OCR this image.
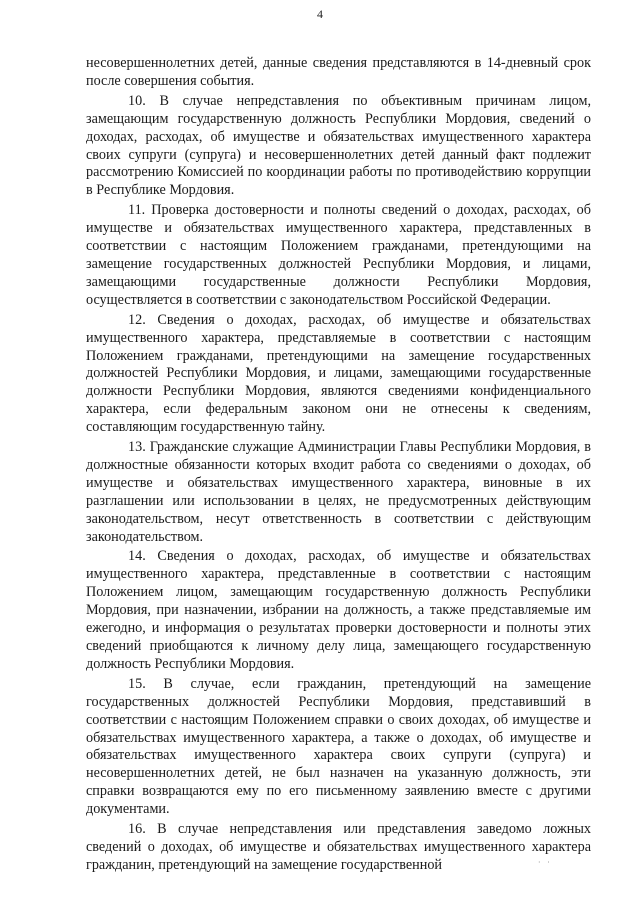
4

несовершеннолетних детей, данные сведения представляются в 14-дневный срок после совершения события.

10. В случае непредставления по объективным причинам лицом, замещающим государственную должность Республики Мордовия, сведений о доходах, расходах, об имуществе и обязательствах имущественного характера своих супруги (супруга) и несовершеннолетних детей данный факт подлежит рассмотрению Комиссией по координации работы по противодействию коррупции в Республике Мордовия.

11. Проверка достоверности и полноты сведений о доходах, расходах, об имуществе и обязательствах имущественного характера, представленных в соответствии с настоящим Положением гражданами, претендующими на замещение государственных должностей Республики Мордовия, и лицами, замещающими государственные должности Республики Мордовия, осуществляется в соответствии с законодательством Российской Федерации.

12. Сведения о доходах, расходах, об имуществе и обязательствах имущественного характера, представляемые в соответствии с настоящим Положением гражданами, претендующими на замещение государственных должностей Республики Мордовия, и лицами, замещающими государственные должности Республики Мордовия, являются сведениями конфиденциального характера, если федеральным законом они не отнесены к сведениям, составляющим государственную тайну.

13. Гражданские служащие Администрации Главы Республики Мордовия, в должностные обязанности которых входит работа со сведениями о доходах, об имуществе и обязательствах имущественного характера, виновные в их разглашении или использовании в целях, не предусмотренных действующим законодательством, несут ответственность в соответствии с действующим законодательством.

14. Сведения о доходах, расходах, об имуществе и обязательствах имущественного характера, представленные в соответствии с настоящим Положением лицом, замещающим государственную должность Республики Мордовия, при назначении, избрании на должность, а также представляемые им ежегодно, и информация о результатах проверки достоверности и полноты этих сведений приобщаются к личному делу лица, замещающего государственную должность Республики Мордовия.

15. В случае, если гражданин, претендующий на замещение государственных должностей Республики Мордовия, представивший в соответствии с настоящим Положением справки о своих доходах, об имуществе и обязательствах имущественного характера, а также о доходах, об имуществе и обязательствах имущественного характера своих супруги (супруга) и несовершеннолетних детей, не был назначен на указанную должность, эти справки возвращаются ему по его письменному заявлению вместе с другими документами.

16. В случае непредставления или представления заведомо ложных сведений о доходах, об имуществе и обязательствах имущественного характера гражданин, претендующий на замещение государственной	· ·
